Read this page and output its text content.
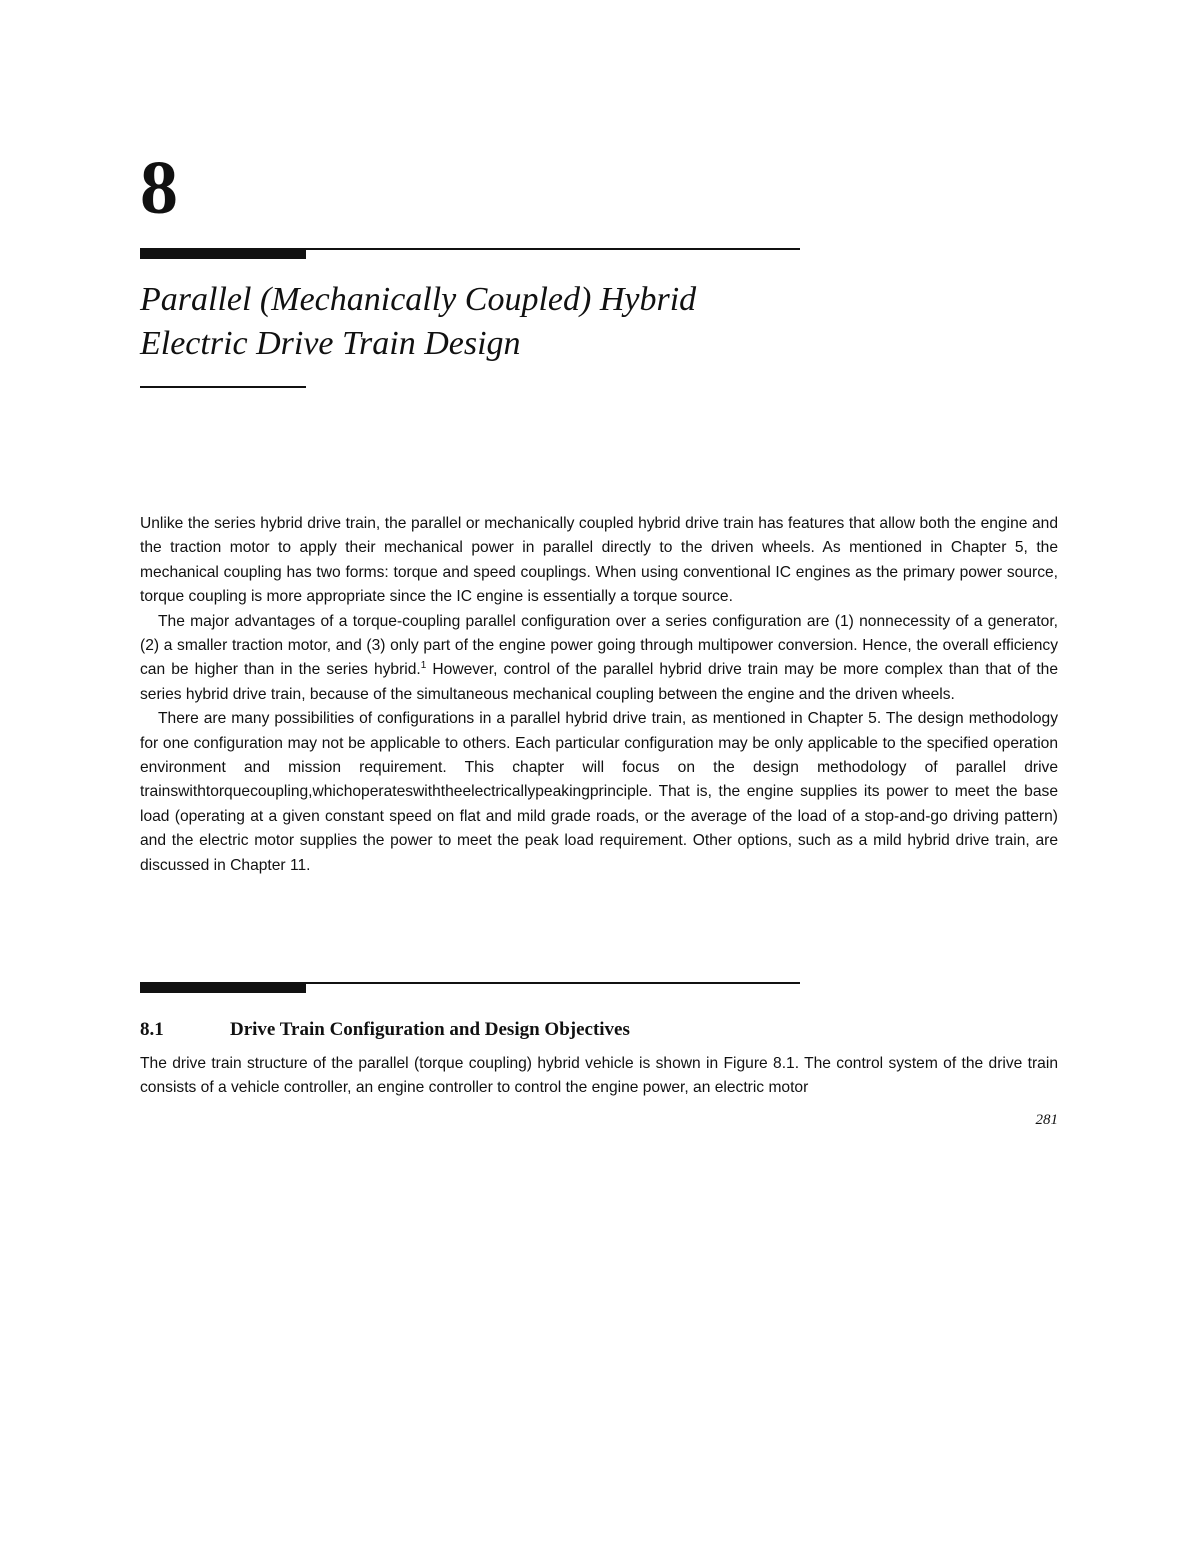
8
Parallel (Mechanically Coupled) Hybrid
Electric Drive Train Design

Unlike the series hybrid drive train, the parallel or mechanically coupled hybrid drive train has features that allow both the engine and the traction motor to apply their mechanical power in parallel directly to the driven wheels. As mentioned in Chapter 5, the mechanical coupling has two forms: torque and speed couplings. When using conventional IC engines as the primary power source, torque coupling is more appropriate since the IC engine is essentially a torque source.

The major advantages of a torque-coupling parallel configuration over a series configuration are (1) nonnecessity of a generator, (2) a smaller traction motor, and (3) only part of the engine power going through multipower conversion. Hence, the overall efficiency can be higher than in the series hybrid.$^1$ However, control of the parallel hybrid drive train may be more complex than that of the series hybrid drive train, because of the simultaneous mechanical coupling between the engine and the driven wheels.

There are many possibilities of configurations in a parallel hybrid drive train, as mentioned in Chapter 5. The design methodology for one configuration may not be applicable to others. Each particular configuration may be only applicable to the specified operation environment and mission requirement. This chapter will focus on the design methodology of parallel drive trainswithtorquecoupling,whichoperateswiththeelectricallypeakingprinciple. That is, the engine supplies its power to meet the base load (operating at a given constant speed on flat and mild grade roads, or the average of the load of a stop-and-go driving pattern) and the electric motor supplies the power to meet the peak load requirement. Other options, such as a mild hybrid drive train, are discussed in Chapter 11.

8.1	Drive Train Configuration and Design Objectives

The drive train structure of the parallel (torque coupling) hybrid vehicle is shown in Figure 8.1. The control system of the drive train consists of a vehicle controller, an engine controller to control the engine power, an electric motor

281
